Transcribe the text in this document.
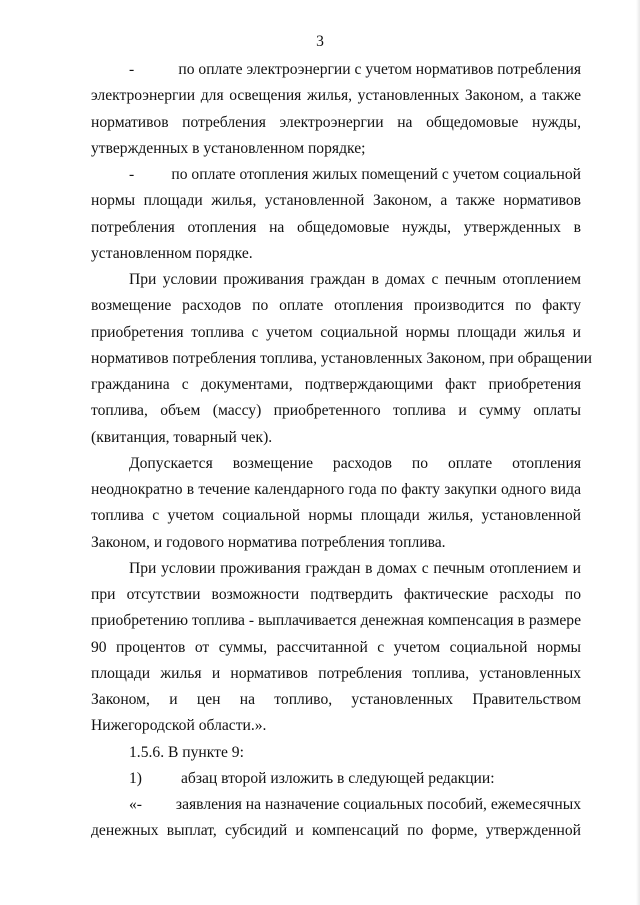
3
-	по оплате электроэнергии с учетом нормативов потребления
электроэнергии для освещения жилья, установленных Законом, а также
нормативов потребления электроэнергии на общедомовые нужды,
утвержденных в установленном порядке;
-	по оплате отопления жилых помещений с учетом социальной
нормы площади жилья, установленной Законом, а также нормативов
потребления отопления на общедомовые нужды, утвержденных в
установленном порядке.
При условии проживания граждан в домах с печным отоплением
возмещение расходов по оплате отопления производится по факту
приобретения топлива с учетом социальной нормы площади жилья и
нормативов потребления топлива, установленных Законом, при обращении
гражданина с документами, подтверждающими факт приобретения
топлива, объем (массу) приобретенного топлива и сумму оплаты
(квитанция, товарный чек).
Допускается возмещение расходов по оплате отопления
неоднократно в течение календарного года по факту закупки одного вида
топлива с учетом социальной нормы площади жилья, установленной
Законом, и годового норматива потребления топлива.
При условии проживания граждан в домах с печным отоплением и
при отсутствии возможности подтвердить фактические расходы по
приобретению топлива - выплачивается денежная компенсация в размере
90 процентов от суммы, рассчитанной с учетом социальной нормы
площади жилья и нормативов потребления топлива, установленных
Законом, и цен на топливо, установленных Правительством
Нижегородской области.».
1.5.6. В пункте 9:
1)	абзац второй изложить в следующей редакции:
«-	заявления на назначение социальных пособий, ежемесячных
денежных выплат, субсидий и компенсаций по форме, утвержденной
